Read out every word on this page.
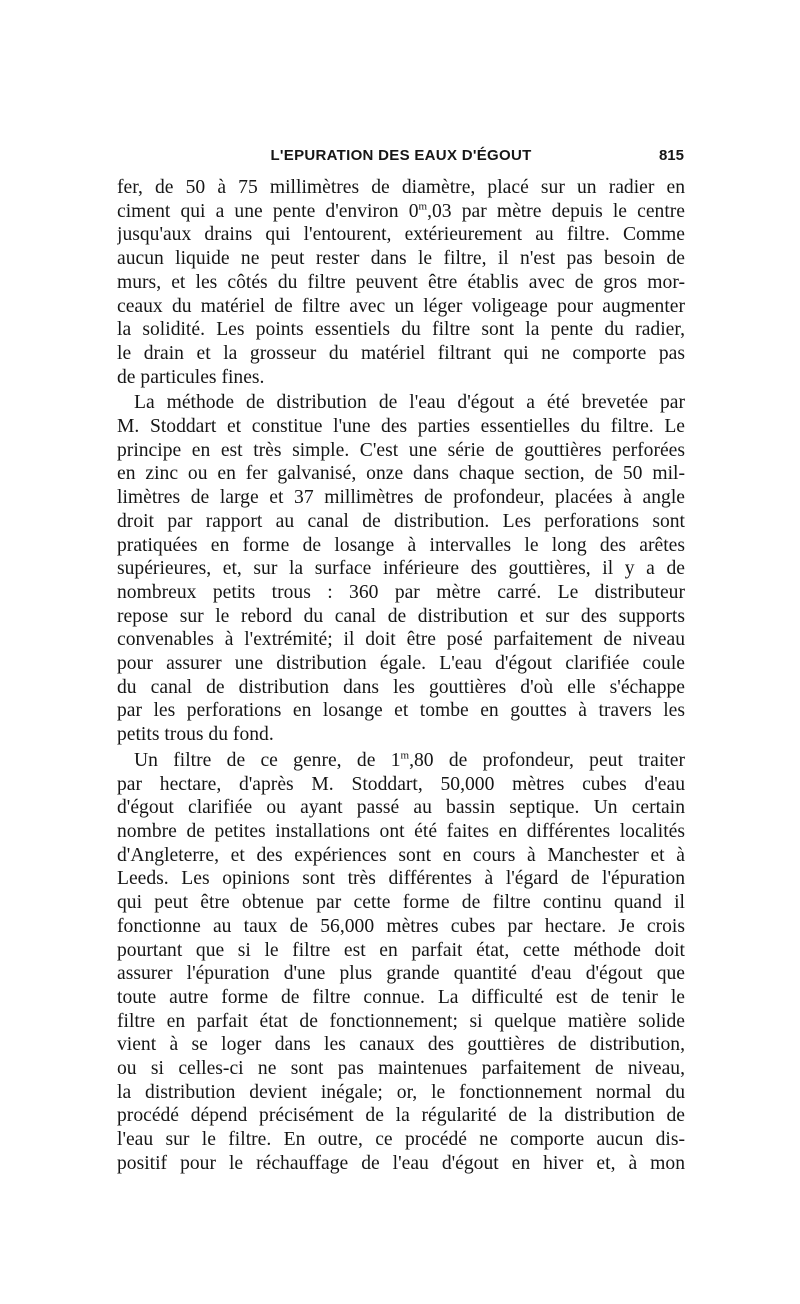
L'EPURATION DES EAUX D'ÉGOUT	815
fer, de 50 à 75 millimètres de diamètre, placé sur un radier en
ciment qui a une pente d'environ 0$^m$,03 par mètre depuis le centre
jusqu'aux drains qui l'entourent, extérieurement au filtre. Comme
aucun liquide ne peut rester dans le filtre, il n'est pas besoin de
murs, et les côtés du filtre peuvent être établis avec de gros mor-
ceaux du matériel de filtre avec un léger voligeage pour augmenter
la solidité. Les points essentiels du filtre sont la pente du radier,
le drain et la grosseur du matériel filtrant qui ne comporte pas
de particules fines.
La méthode de distribution de l'eau d'égout a été brevetée par
M. Stoddart et constitue l'une des parties essentielles du filtre. Le
principe en est très simple. C'est une série de gouttières perforées
en zinc ou en fer galvanisé, onze dans chaque section, de 50 mil-
limètres de large et 37 millimètres de profondeur, placées à angle
droit par rapport au canal de distribution. Les perforations sont
pratiquées en forme de losange à intervalles le long des arêtes
supérieures, et, sur la surface inférieure des gouttières, il y a de
nombreux petits trous : 360 par mètre carré. Le distributeur
repose sur le rebord du canal de distribution et sur des supports
convenables à l'extrémité; il doit être posé parfaitement de niveau
pour assurer une distribution égale. L'eau d'égout clarifiée coule
du canal de distribution dans les gouttières d'où elle s'échappe
par les perforations en losange et tombe en gouttes à travers les
petits trous du fond.
Un filtre de ce genre, de 1$^m$,80 de profondeur, peut traiter
par hectare, d'après M. Stoddart, 50,000 mètres cubes d'eau
d'égout clarifiée ou ayant passé au bassin septique. Un certain
nombre de petites installations ont été faites en différentes localités
d'Angleterre, et des expériences sont en cours à Manchester et à
Leeds. Les opinions sont très différentes à l'égard de l'épuration
qui peut être obtenue par cette forme de filtre continu quand il
fonctionne au taux de 56,000 mètres cubes par hectare. Je crois
pourtant que si le filtre est en parfait état, cette méthode doit
assurer l'épuration d'une plus grande quantité d'eau d'égout que
toute autre forme de filtre connue. La difficulté est de tenir le
filtre en parfait état de fonctionnement; si quelque matière solide
vient à se loger dans les canaux des gouttières de distribution,
ou si celles-ci ne sont pas maintenues parfaitement de niveau,
la distribution devient inégale; or, le fonctionnement normal du
procédé dépend précisément de la régularité de la distribution de
l'eau sur le filtre. En outre, ce procédé ne comporte aucun dis-
positif pour le réchauffage de l'eau d'égout en hiver et, à mon
